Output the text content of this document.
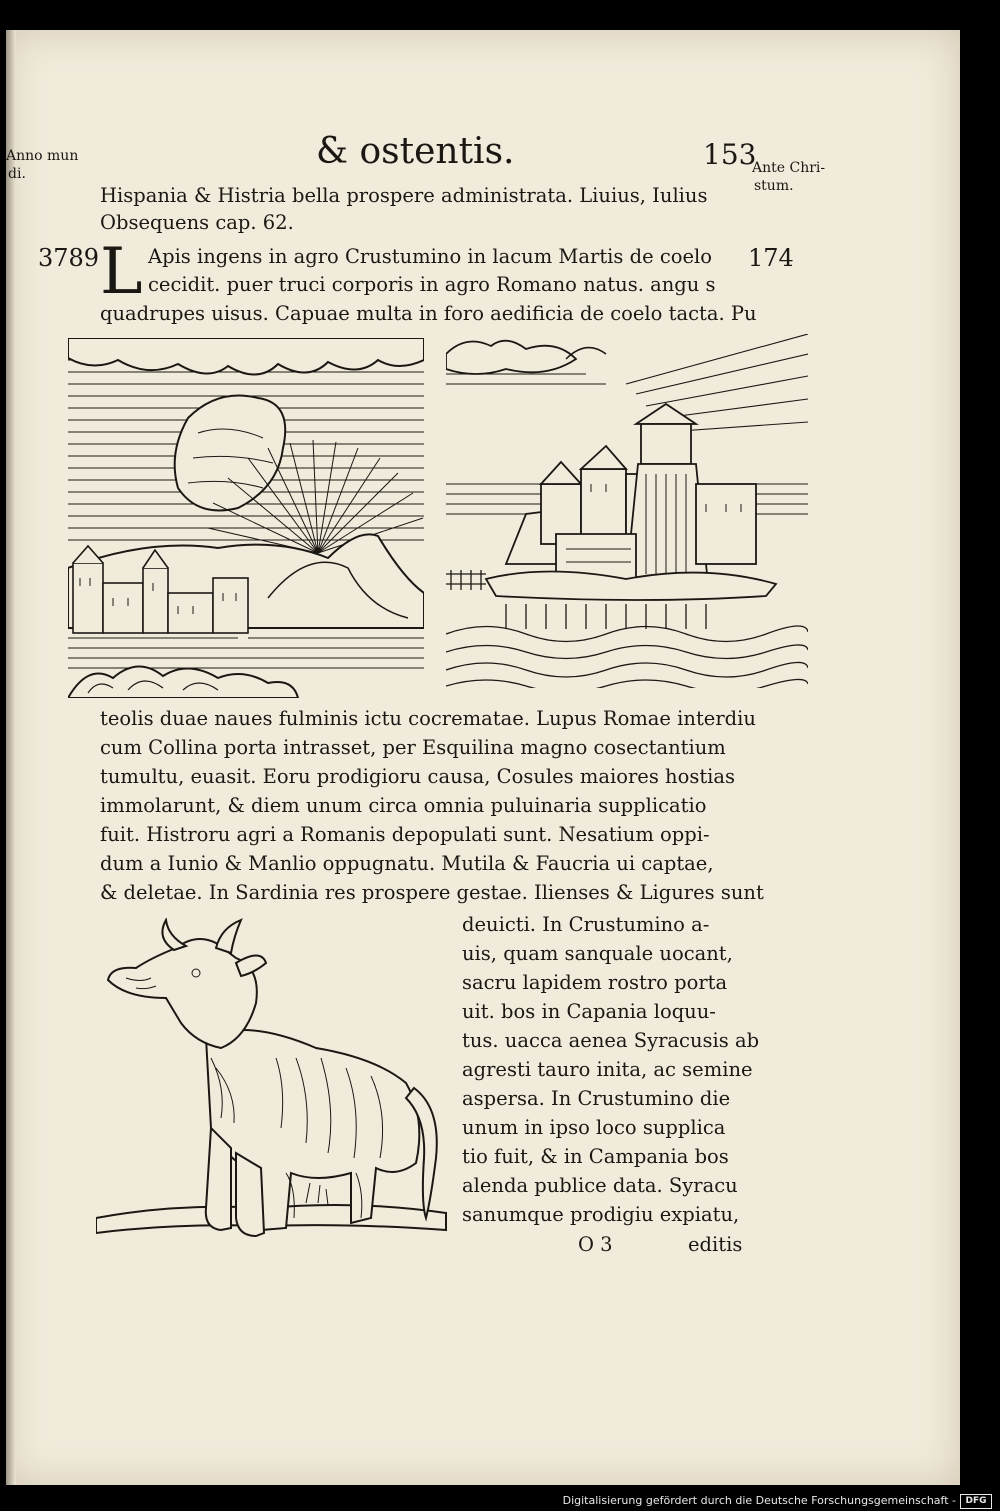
Anno mun
di.	Ante Chri-
stum.
& ostentis.	153
Hispania & Histria bella prospere administrata. Liuius, Iulius
Obsequens cap. 62.
3789	174
L Apis ingens in agro Crustumino in lacum Martis de coelo
cecidit. puer truci corporis in agro Romano natus. angu s
quadrupes uisus. Capuae multa in foro aedificia de coelo tacta. Pu
teolis duae naues fulminis ictu cocrematae. Lupus Romae interdiu
cum Collina porta intrasset, per Esquilina magno cosectantium
tumultu, euasit. Eoru prodigioru causa, Cosules maiores hostias
immolarunt, & diem unum circa omnia puluinaria supplicatio
fuit. Histroru agri a Romanis depopulati sunt. Nesatium oppi-
dum a Iunio & Manlio oppugnatu. Mutila & Faucria ui captae,
& deletae. In Sardinia res prospere gestae. Ilienses & Ligures sunt
deuicti. In Crustumino a-
uis, quam sanquale uocant,
sacru lapidem rostro porta
uit. bos in Capania loquu-
tus. uacca aenea Syracusis ab
agresti tauro inita, ac semine
aspersa. In Crustumino die
unum in ipso loco supplica
tio fuit, & in Campania bos
alenda publice data. Syracu
sanumque prodigiu expiatu,
O 3	editis
Digitalisierung gefördert durch die Deutsche Forschungsgemeinschaft -	DFG
